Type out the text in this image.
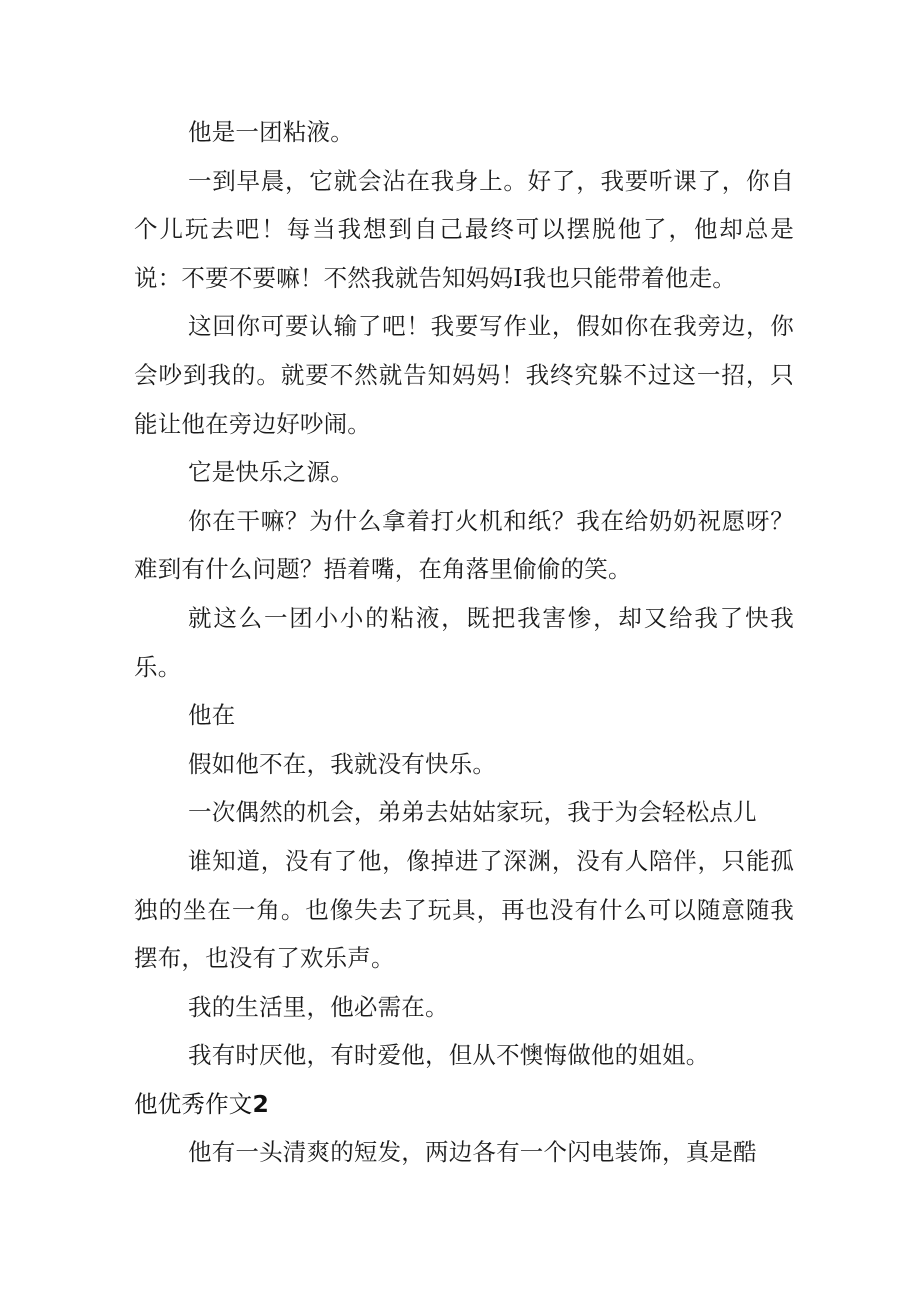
他是一团粘液。

一到早晨，它就会沾在我身上。好了，我要听课了，你自个儿玩去吧！每当我想到自己最终可以摆脱他了，他却总是说：不要不要嘛！不然我就告知妈妈I我也只能带着他走。

这回你可要认输了吧！我要写作业，假如你在我旁边，你会吵到我的。就要不然就告知妈妈！我终究躲不过这一招，只能让他在旁边好吵闹。

它是快乐之源。

你在干嘛？为什么拿着打火机和纸？我在给奶奶祝愿呀？难到有什么问题？捂着嘴，在角落里偷偷的笑。

就这么一团小小的粘液，既把我害惨，却又给我了快我乐。

他在

假如他不在，我就没有快乐。

一次偶然的机会，弟弟去姑姑家玩，我于为会轻松点儿

谁知道，没有了他，像掉进了深渊，没有人陪伴，只能孤独的坐在一角。也像失去了玩具，再也没有什么可以随意随我摆布，也没有了欢乐声。

我的生活里，他必需在。

我有时厌他，有时爱他，但从不懊悔做他的姐姐。

他优秀作文2

他有一头清爽的短发，两边各有一个闪电装饰，真是酷
